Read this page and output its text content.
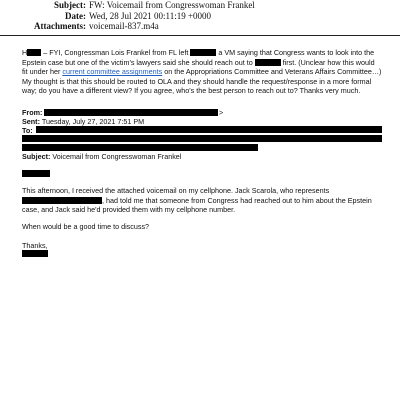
Subject: FW: Voicemail from Congresswoman Frankel
Date: Wed, 28 Jul 2021 00:11:19 +0000
Attachments: voicemail-837.m4a

H – FYI, Congressman Lois Frankel from FL left	a VM saying that Congress wants to look into the Epstein case but one of the victim's lawyers said she should reach out to	first. (Unclear how this would fit under her current committee assignments on the Appropriations Committee and Veterans Affairs Committee…) My thought is that this should be routed to OLA and they should handle the request/response in a more formal way; do you have a different view? If you agree, who's the best person to reach out to? Thanks very much.

From:	>
Sent: Tuesday, July 27, 2021 7:51 PM
To:
Subject: Voicemail from Congresswoman Frankel

This afternoon, I received the attached voicemail on my cellphone. Jack Scarola, who represents , had told me that someone from Congress had reached out to him about the Epstein case, and Jack said he'd provided them with my cellphone number.

When would be a good time to discuss?

Thanks,
